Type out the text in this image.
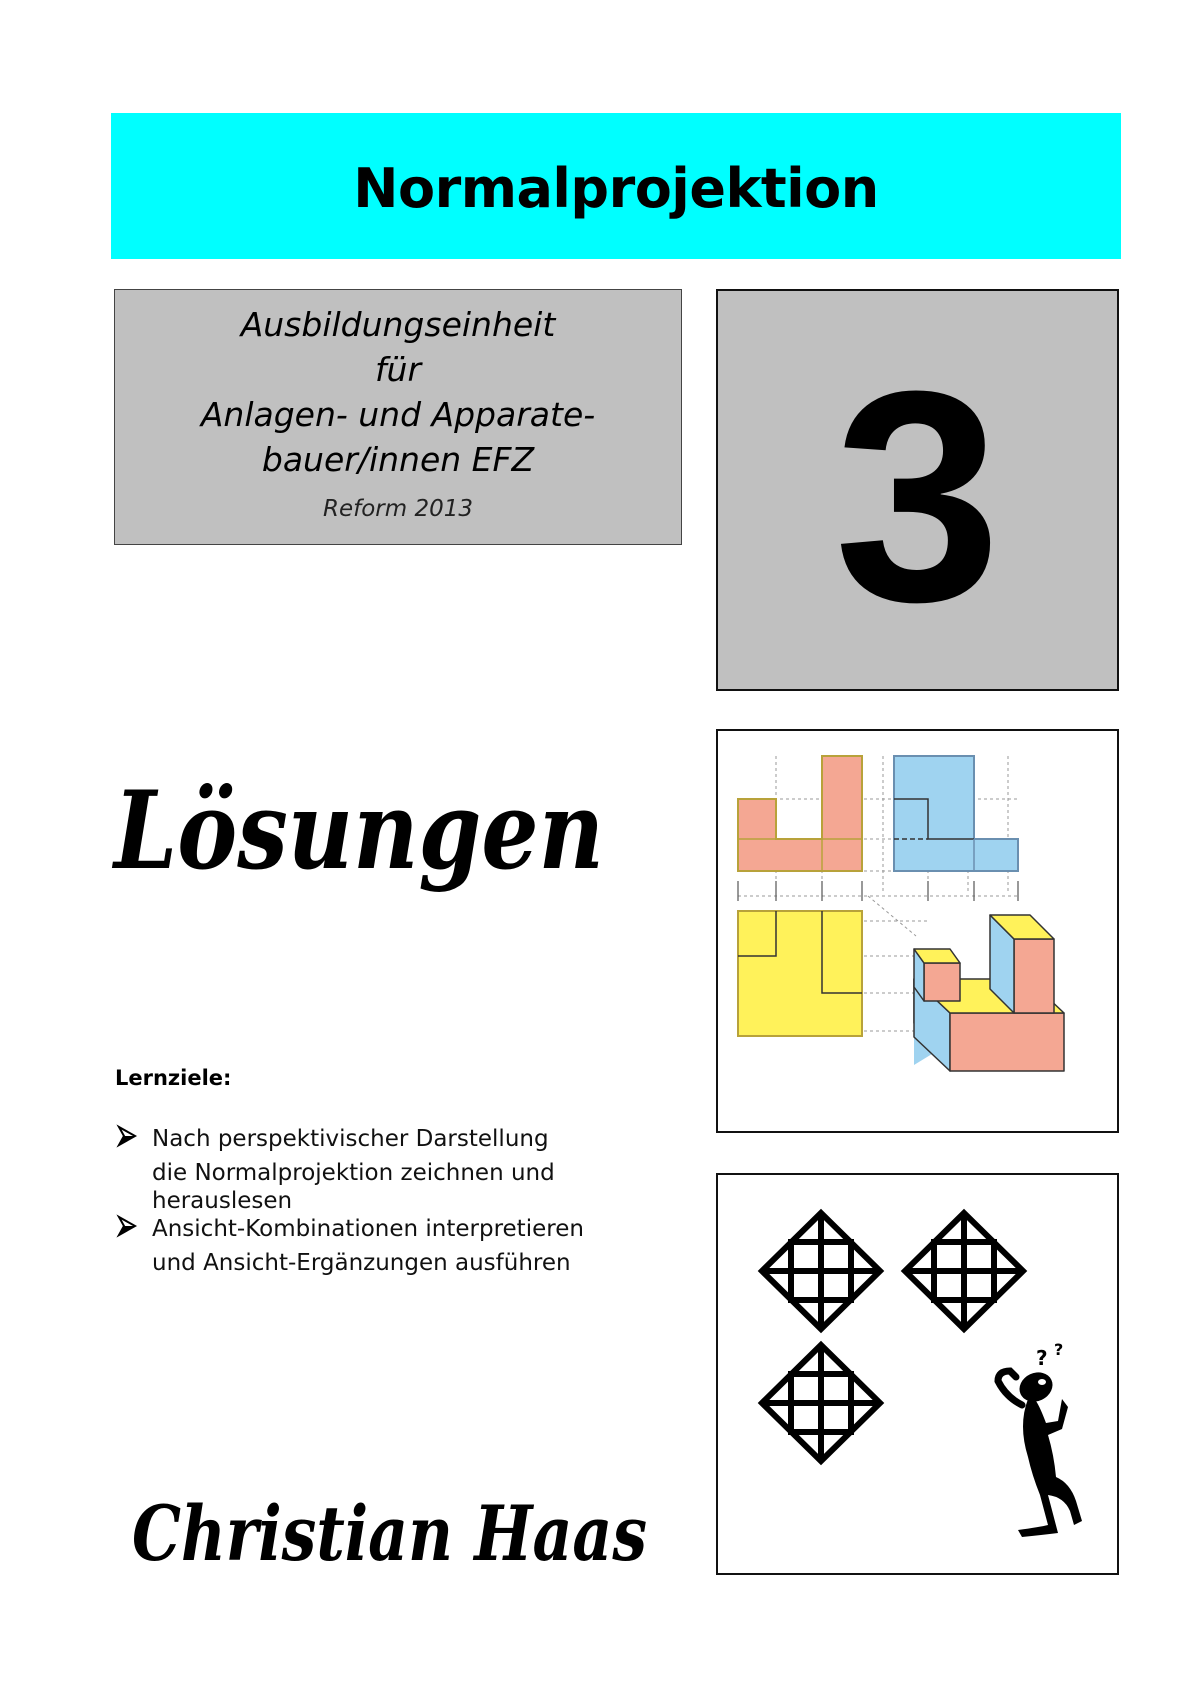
Normalprojektion
Ausbildungseinheit
für
Anlagen- und Apparate-
bauer/innen EFZ
Reform 2013	3
Lösungen
Lernziele:
Nach perspektivischer Darstellung
die Normalprojektion zeichnen und
herauslesen
Ansicht-Kombinationen interpretieren
und Ansicht-Ergänzungen ausführen
Christian Haas
? ?
